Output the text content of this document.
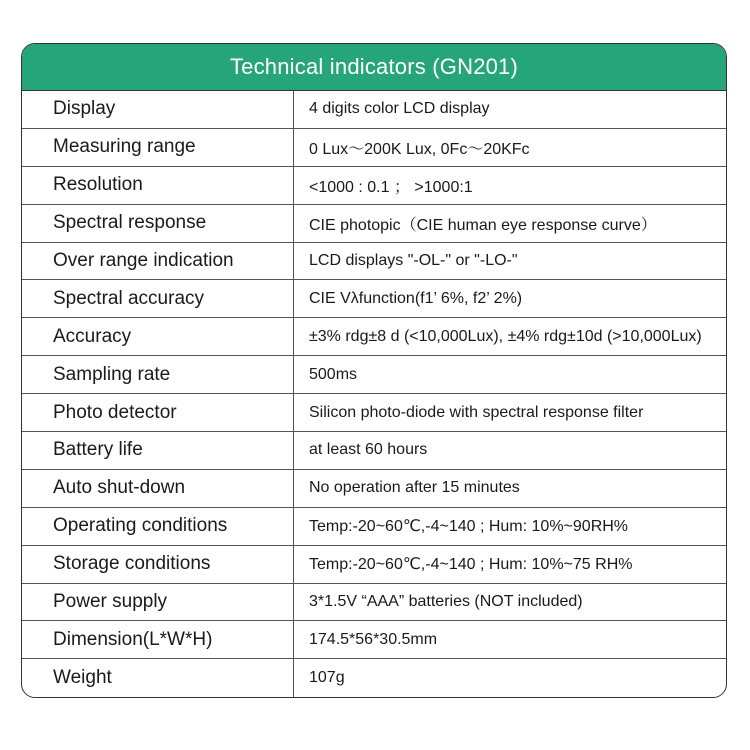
Technical indicators (GN201)
Display	4 digits color LCD display
Measuring range	0 Lux〜200K Lux, 0Fc〜20KFc
Resolution	<1000 : 0.1 ； >1000:1
Spectral response	CIE photopic（CIE human eye response curve）
Over range indication	LCD displays "-OL-" or "-LO-"
Spectral accuracy	CIE Vλfunction(f1’ 6%, f2’ 2%)
Accuracy	±3% rdg±8 d (<10,000Lux), ±4% rdg±10d (>10,000Lux)
Sampling rate	500ms
Photo detector	Silicon photo-diode with spectral response filter
Battery life	at least 60 hours
Auto shut-down	No operation after 15 minutes
Operating conditions	Temp:-20~60℃,-4~140 ; Hum: 10%~90RH%
Storage conditions	Temp:-20~60℃,-4~140 ; Hum: 10%~75 RH%
Power supply	3*1.5V “AAA” batteries (NOT included)
Dimension(L*W*H)	174.5*56*30.5mm
Weight	107g
